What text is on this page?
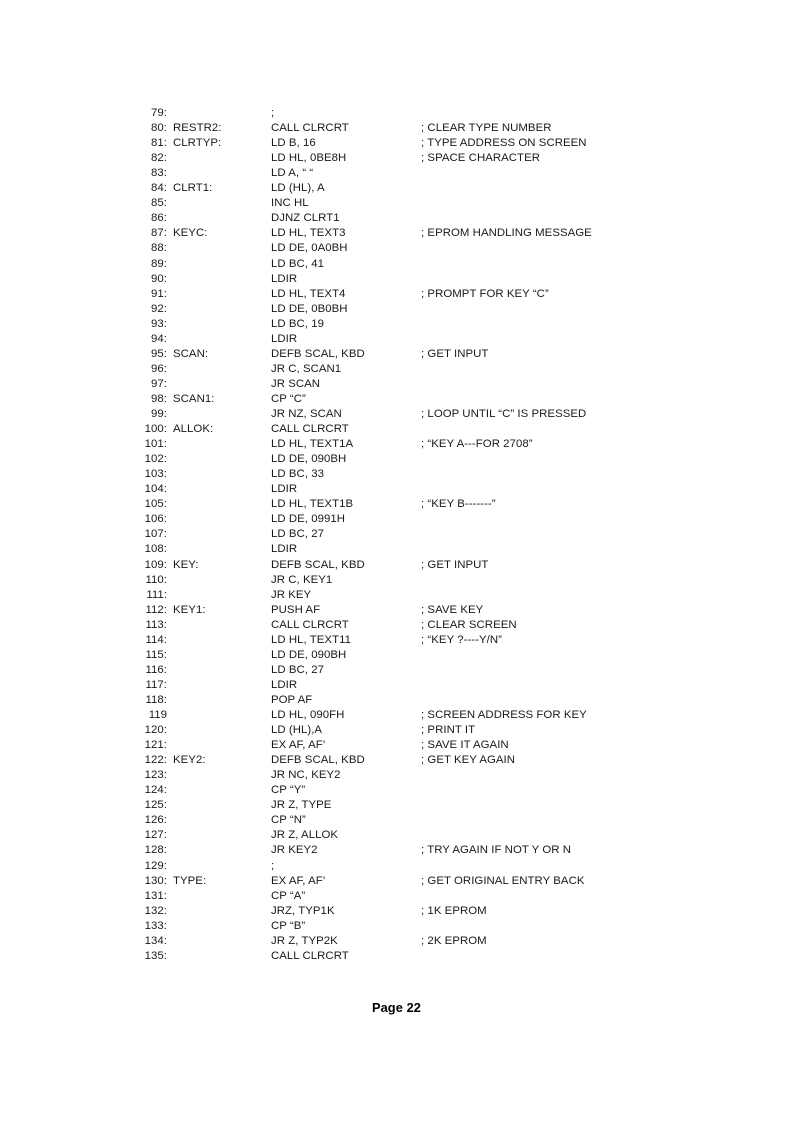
79:	;
80: RESTR2:	CALL CLRCRT	; CLEAR TYPE NUMBER
81: CLRTYP:	LD B, 16	; TYPE ADDRESS ON SCREEN
82:	LD HL, 0BE8H	; SPACE CHARACTER
83:	LD A, “ “
84: CLRT1:	LD (HL), A
85:	INC HL
86:	DJNZ CLRT1
87: KEYC:	LD HL, TEXT3	; EPROM HANDLING MESSAGE
88:	LD DE, 0A0BH
89:	LD BC, 41
90:	LDIR
91:	LD HL, TEXT4	; PROMPT FOR KEY “C”
92:	LD DE, 0B0BH
93:	LD BC, 19
94:	LDIR
95: SCAN:	DEFB SCAL, KBD	; GET INPUT
96:	JR C, SCAN1
97:	JR SCAN
98: SCAN1:	CP “C”
99:	JR NZ, SCAN	; LOOP UNTIL “C” IS PRESSED
100: ALLOK:	CALL CLRCRT
101:	LD HL, TEXT1A	; “KEY A---FOR 2708”
102:	LD DE, 090BH
103:	LD BC, 33
104:	LDIR
105:	LD HL, TEXT1B	; “KEY B-------”
106:	LD DE, 0991H
107:	LD BC, 27
108:	LDIR
109: KEY:	DEFB SCAL, KBD	; GET INPUT
110:	JR C, KEY1
111:	JR KEY
112: KEY1:	PUSH AF	; SAVE KEY
113:	CALL CLRCRT	; CLEAR SCREEN
114:	LD HL, TEXT11	; “KEY ?----Y/N”
115:	LD DE, 090BH
116:	LD BC, 27
117:	LDIR
118:	POP AF
119	LD HL, 090FH	; SCREEN ADDRESS FOR KEY
120:	LD (HL),A	; PRINT IT
121:	EX AF, AF’	; SAVE IT AGAIN
122: KEY2:	DEFB SCAL, KBD	; GET KEY AGAIN
123:	JR NC, KEY2
124:	CP “Y”
125:	JR Z, TYPE
126:	CP “N”
127:	JR Z, ALLOK
128:	JR KEY2	; TRY AGAIN IF NOT Y OR N
129:	;
130: TYPE:	EX AF, AF’	; GET ORIGINAL ENTRY BACK
131:	CP “A”
132:	JRZ, TYP1K	; 1K EPROM
133:	CP “B”
134:	JR Z, TYP2K	; 2K EPROM
135:	CALL CLRCRT
Page 22
